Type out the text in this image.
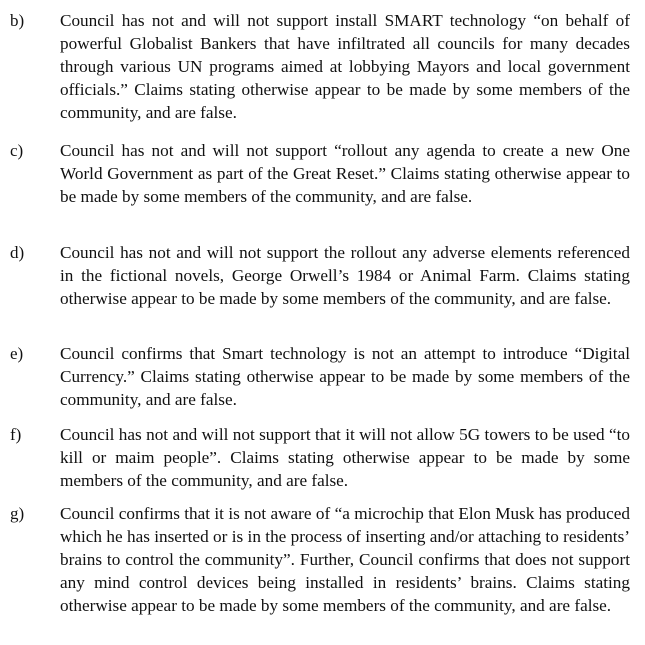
b) Council has not and will not support install SMART technology “on behalf of powerful Globalist Bankers that have infiltrated all councils for many decades through various UN programs aimed at lobbying Mayors and local government officials.” Claims stating otherwise appear to be made by some members of the community, and are false.
c) Council has not and will not support “rollout any agenda to create a new One World Government as part of the Great Reset.” Claims stating otherwise appear to be made by some members of the community, and are false.
d) Council has not and will not support the rollout any adverse elements referenced in the fictional novels, George Orwell’s 1984 or Animal Farm. Claims stating otherwise appear to be made by some members of the community, and are false.
e) Council confirms that Smart technology is not an attempt to introduce “Digital Currency.” Claims stating otherwise appear to be made by some members of the community, and are false.
f) Council has not and will not support that it will not allow 5G towers to be used “to kill or maim people”. Claims stating otherwise appear to be made by some members of the community, and are false.
g) Council confirms that it is not aware of “a microchip that Elon Musk has produced which he has inserted or is in the process of inserting and/or attaching to residents’ brains to control the community”. Further, Council confirms that does not support any mind control devices being installed in residents’ brains. Claims stating otherwise appear to be made by some members of the community, and are false.
